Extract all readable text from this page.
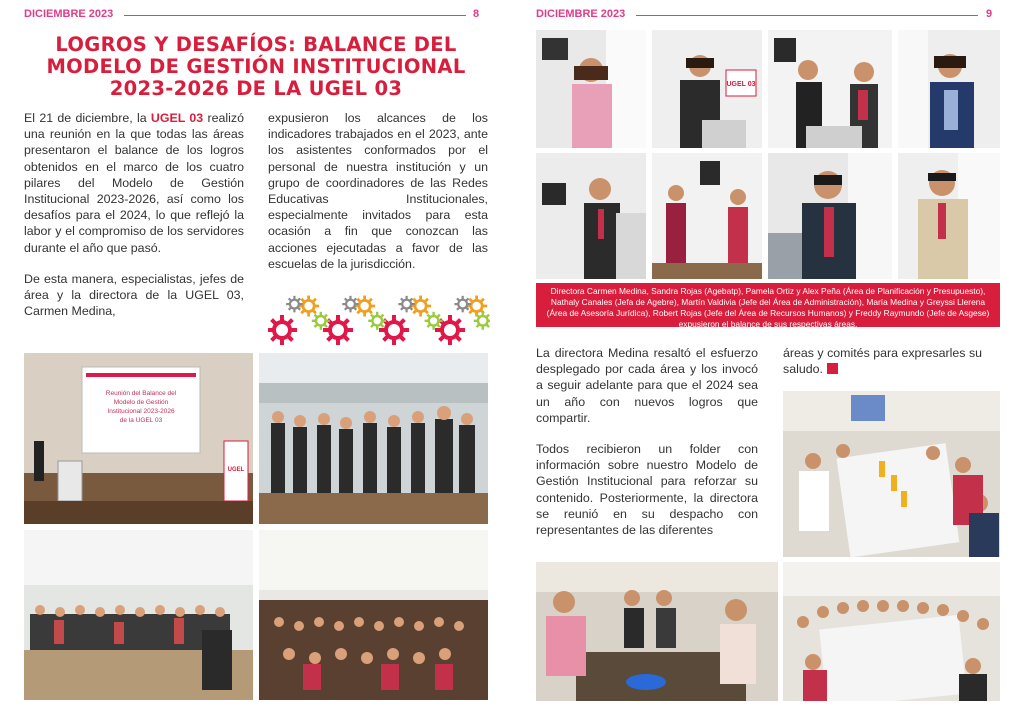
DICIEMBRE 2023	8
LOGROS Y DESAFÍOS: BALANCE DEL
MODELO DE GESTIÓN INSTITUCIONAL
2023-2026 DE LA UGEL 03

El 21 de diciembre, la UGEL 03 realizó una reunión en la que todas las áreas presentaron el balance de los logros obtenidos en el marco de los cuatro pilares del Modelo de Gestión Institucional 2023-2026, así como los desafíos para el 2024, lo que reflejó la labor y el compromiso de los servidores durante el año que pasó.

De esta manera, especialistas, jefes de área y la directora de la UGEL 03, Carmen Medina,

expusieron los alcances de los indicadores trabajados en el 2023, ante los asistentes conformados por el personal de nuestra institución y un grupo de coordinadores de las Redes Educativas Institucionales, especialmente invitados para esta ocasión a fin que conozcan las acciones ejecutadas a favor de las escuelas de la jurisdicción.

Reunión del Balance del
Modelo de Gestión
Institucional 2023-2026
de la UGEL 03
UGEL
DICIEMBRE 2023	9
UGEL 03
Directora Carmen Medina, Sandra Rojas (Agebatp), Pamela Ortiz y Alex Peña (Área de Planificación y Presupuesto), Nathaly Canales (Jefa de Agebre), Martín Valdivia (Jefe del Área de Administración), María Medina y Greyssi Llerena (Área de Asesoría Jurídica), Robert Rojas (Jefe del Área de Recursos Humanos) y Freddy Raymundo (Jefe de Asgese) expusieron el balance de sus respectivas áreas.

La directora Medina resaltó el esfuerzo desplegado por cada área y los invocó a seguir adelante para que el 2024 sea un año con nuevos logros que compartir.

Todos recibieron un folder con información sobre nuestro Modelo de Gestión Institucional para reforzar su contenido. Posteriormente, la directora se reunió en su despacho con representantes de las diferentes

áreas y comités para expresarles su saludo.
